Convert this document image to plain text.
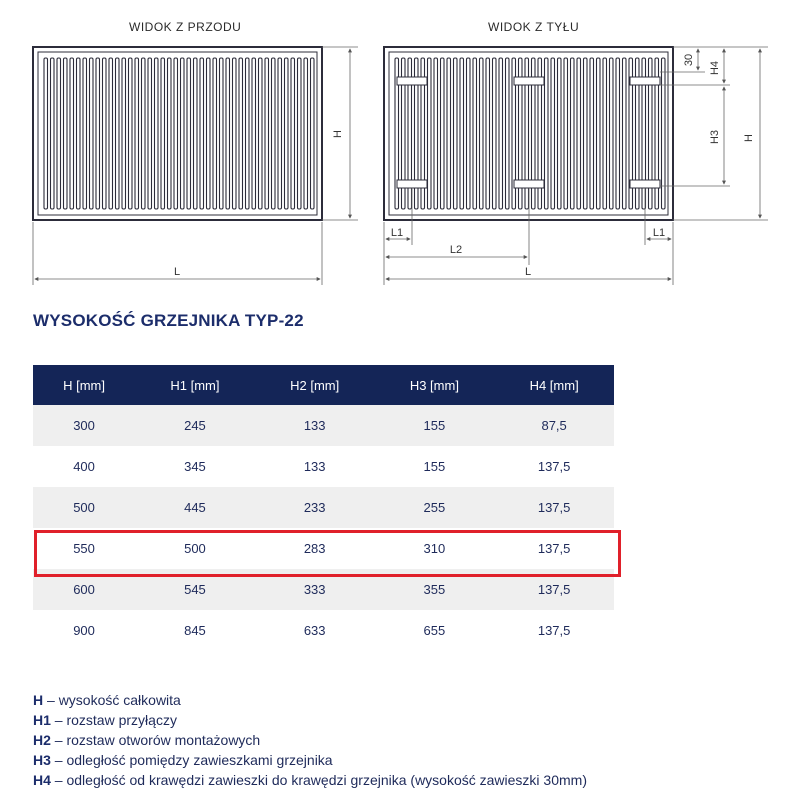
WIDOK Z PRZODU	WIDOK Z TYŁU
H
L
H
30
H4
H3
L1	L1
L2
L
WYSOKOŚĆ GRZEJNIKA TYP-22
H [mm]	H1 [mm]	H2 [mm]	H3 [mm]	H4 [mm]
300	245	133	155	87,5
400	345	133	155	137,5
500	445	233	255	137,5
550	500	283	310	137,5
600	545	333	355	137,5
900	845	633	655	137,5
H – wysokość całkowita
H1 – rozstaw przyłączy
H2 – rozstaw otworów montażowych
H3 – odległość pomiędzy zawieszkami grzejnika
H4 – odległość od krawędzi zawieszki do krawędzi grzejnika (wysokość zawieszki 30mm)
